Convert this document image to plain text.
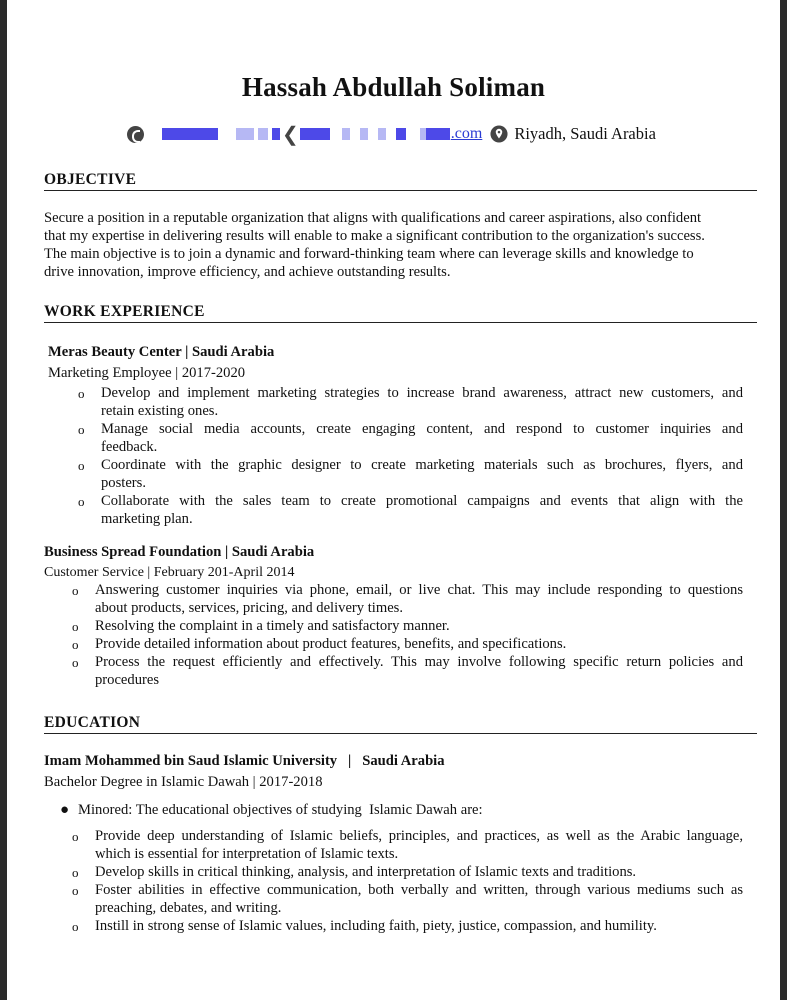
Hassah Abdullah Soliman
❮	.com Riyadh, Saudi Arabia
OBJECTIVE
Secure a position in a reputable organization that aligns with qualifications and career aspirations, also confident
that my expertise in delivering results will enable to make a significant contribution to the organization's success.
The main objective is to join a dynamic and forward-thinking team where can leverage skills and knowledge to
drive innovation, improve efficiency, and achieve outstanding results.
WORK EXPERIENCE
Meras Beauty Center | Saudi Arabia
Marketing Employee | 2017-2020
o Develop and implement marketing strategies to increase brand awareness, attract new customers, and
retain existing ones.
o Manage social media accounts, create engaging content, and respond to customer inquiries and
feedback.
o Coordinate with the graphic designer to create marketing materials such as brochures, flyers, and
posters.
o Collaborate with the sales team to create promotional campaigns and events that align with the
marketing plan.
Business Spread Foundation | Saudi Arabia
Customer Service | February 201-April 2014
o Answering customer inquiries via phone, email, or live chat. This may include responding to questions
about products, services, pricing, and delivery times.
o Resolving the complaint in a timely and satisfactory manner.
o Provide detailed information about product features, benefits, and specifications.
o Process the request efficiently and effectively. This may involve following specific return policies and
procedures
EDUCATION
Imam Mohammed bin Saud Islamic University   |   Saudi Arabia
Bachelor Degree in Islamic Dawah | 2017-2018
● Minored: The educational objectives of studying  Islamic Dawah are:
o Provide deep understanding of Islamic beliefs, principles, and practices, as well as the Arabic language,
which is essential for interpretation of Islamic texts.
o Develop skills in critical thinking, analysis, and interpretation of Islamic texts and traditions.
o Foster abilities in effective communication, both verbally and written, through various mediums such as
preaching, debates, and writing.
o Instill in strong sense of Islamic values, including faith, piety, justice, compassion, and humility.
